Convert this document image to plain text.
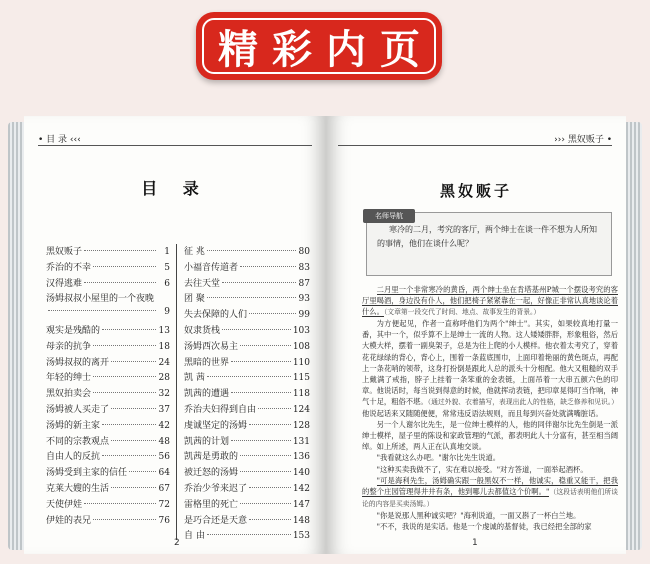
精彩内页
• 目 录 ‹‹‹
目 录
黑奴贩子	1
乔治的不幸	5
汉得逃难	6
汤姆叔叔小屋里的一个夜晚
9
观实是残酷的	13
母亲的抗争	18
汤姆叔叔的离开	24
年轻的绅士	28
黑奴拍卖会	32
汤姆被人买走了	37
汤姆的新主家	42
不同的宗教观点	48
自由人的反抗	56
汤姆受到主家的信任	64
克莱大嫂的生活	67
天使伊娃	72
伊娃的表兄	76
征 兆	80
小福音传道者	83
去往天堂	87
团 聚	93
失去保障的人们	99
奴隶货栈	103
汤姆西次易主	108
黑暗的世界	110
凯 茜	115
凯茜的遭遇	118
乔治夫妇得到自由	124
虔诚坚定的汤姆	128
凯茜的计划	131
凯茜是勇敢的	136
被迁怒的汤姆	140
乔治少爷来迟了	142
雷格里的死亡	147
是巧合还是天意	148
自 由	153
2
››› 黑奴贩子 •
黑奴贩子
名师导航
寒冷的二月，考究的客厅，两个绅士在谈一件不想为人所知的事情，他们在谈什么呢？

二月里一个非常寒冷的黄昏，两个绅士坐在肯塔基州P城一个摆设考究的客厅里喝酒，身边没有仆人，他们把椅子紧紧靠在一起，好像正非常认真地谈论着什么。（文章第一段交代了时间、地点、故事发生的背景。）

为方便起见，作者一直称呼他们为两个"绅士"。其实，如果较真地打量一番，其中一个，似乎算不上是绅士一流的人物。这人矮矮胖胖，形象粗俗，然后大模大样，摆着一副臭架子，总是为往上爬的小人模样。他衣着太考究了，穿着花花绿绿的背心，背心上，围着一条蓝底围巾，上面印着艳丽的黄色斑点，再配上一条花哨的领带，这身打扮倒是跟此人总的派头十分相配。他大又粗糙的双手上戴满了戒指，脖子上挂着一条笨重的金表链，上面吊着一大串五颜六色的印章。他说话时，每当说到得意的时候，他就挥动表链，把印章晃得叮当作响，神气十足，粗俗不堪。（通过外貌、衣着描写，表现出此人的性格，缺乏修养和见识。）他说起话来又随随便便，常常违反语法规则，而且每到兴奋处就满嘴脏话。

另一个人谢尔比先生，是一位绅士模样的人，他的同伴谢尔比先生倒是一派绅士模样，屋子里的陈设和家政管理的气派，都表明此人十分富有，甚至相当阔绰。如上所述，两人正在认真地交谈。

"我看就这么办吧。"谢尔比先生说道。

"这种买卖我做不了，实在难以接受。"对方答道，一面举起酒杯。

"可是海利先生，汤姆确实跟一般黑奴不一样，他诚实，稳重又能干，把我的整个庄园管理得井井有条，他到哪儿去都值这个价啊。"（这段话表明他们所谈论的内容是买卖汤姆。）

"你是说那人黑种诚实吧？"海利说道，一面又斟了一杯白兰地。

"不不，我说的是实话。他是一个虔诚的基督徒，我已经把全部的家

1
